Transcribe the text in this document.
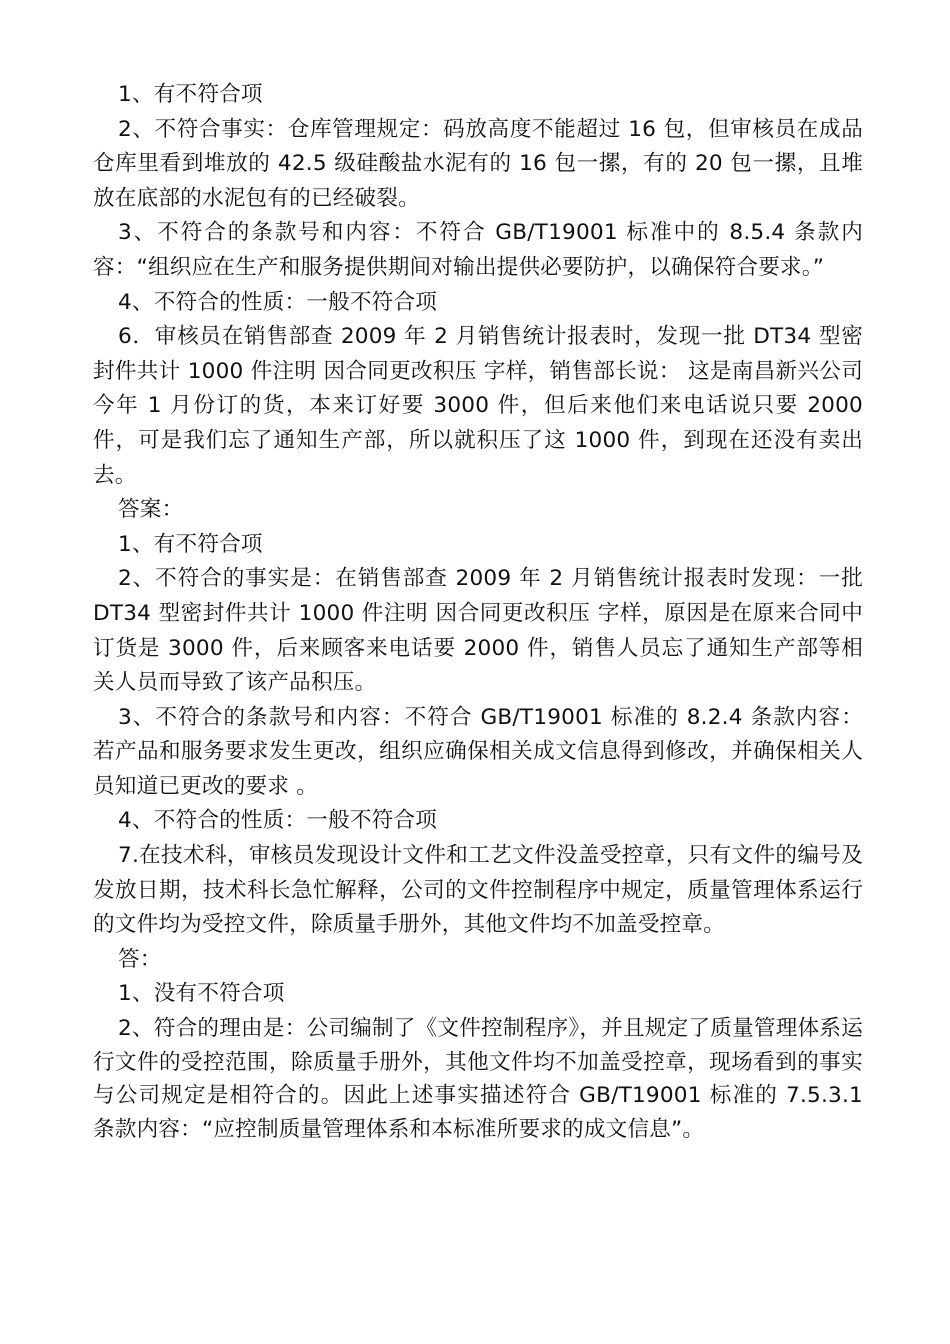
1、有不符合项

2、不符合事实：仓库管理规定：码放高度不能超过 16 包，但审核员在成品仓库里看到堆放的 42.5 级硅酸盐水泥有的 16 包一摞，有的 20 包一摞，且堆放在底部的水泥包有的已经破裂。

3、不符合的条款号和内容：不符合 GB/T19001 标准中的 8.5.4 条款内容：“组织应在生产和服务提供期间对输出提供必要防护，以确保符合要求。”

4、不符合的性质：一般不符合项

6．审核员在销售部查 2009 年 2 月销售统计报表时，发现一批 DT34 型密封件共计 1000 件注明 因合同更改积压 字样，销售部长说： 这是南昌新兴公司今年 1 月份订的货，本来订好要 3000 件，但后来他们来电话说只要 2000 件，可是我们忘了通知生产部，所以就积压了这 1000 件，到现在还没有卖出去。

答案：

1、有不符合项

2、不符合的事实是：在销售部查 2009 年 2 月销售统计报表时发现：一批 DT34 型密封件共计 1000 件注明 因合同更改积压 字样，原因是在原来合同中订货是 3000 件，后来顾客来电话要 2000 件，销售人员忘了通知生产部等相关人员而导致了该产品积压。

3、不符合的条款号和内容：不符合 GB/T19001 标准的 8.2.4 条款内容： 若产品和服务要求发生更改，组织应确保相关成文信息得到修改，并确保相关人员知道已更改的要求 。

4、不符合的性质：一般不符合项

7.在技术科，审核员发现设计文件和工艺文件没盖受控章，只有文件的编号及发放日期，技术科长急忙解释，公司的文件控制程序中规定，质量管理体系运行的文件均为受控文件，除质量手册外，其他文件均不加盖受控章。

答：

1、没有不符合项

2、符合的理由是：公司编制了《文件控制程序》，并且规定了质量管理体系运行文件的受控范围，除质量手册外，其他文件均不加盖受控章，现场看到的事实与公司规定是相符合的。因此上述事实描述符合 GB/T19001 标准的 7.5.3.1 条款内容：“应控制质量管理体系和本标准所要求的成文信息”。
